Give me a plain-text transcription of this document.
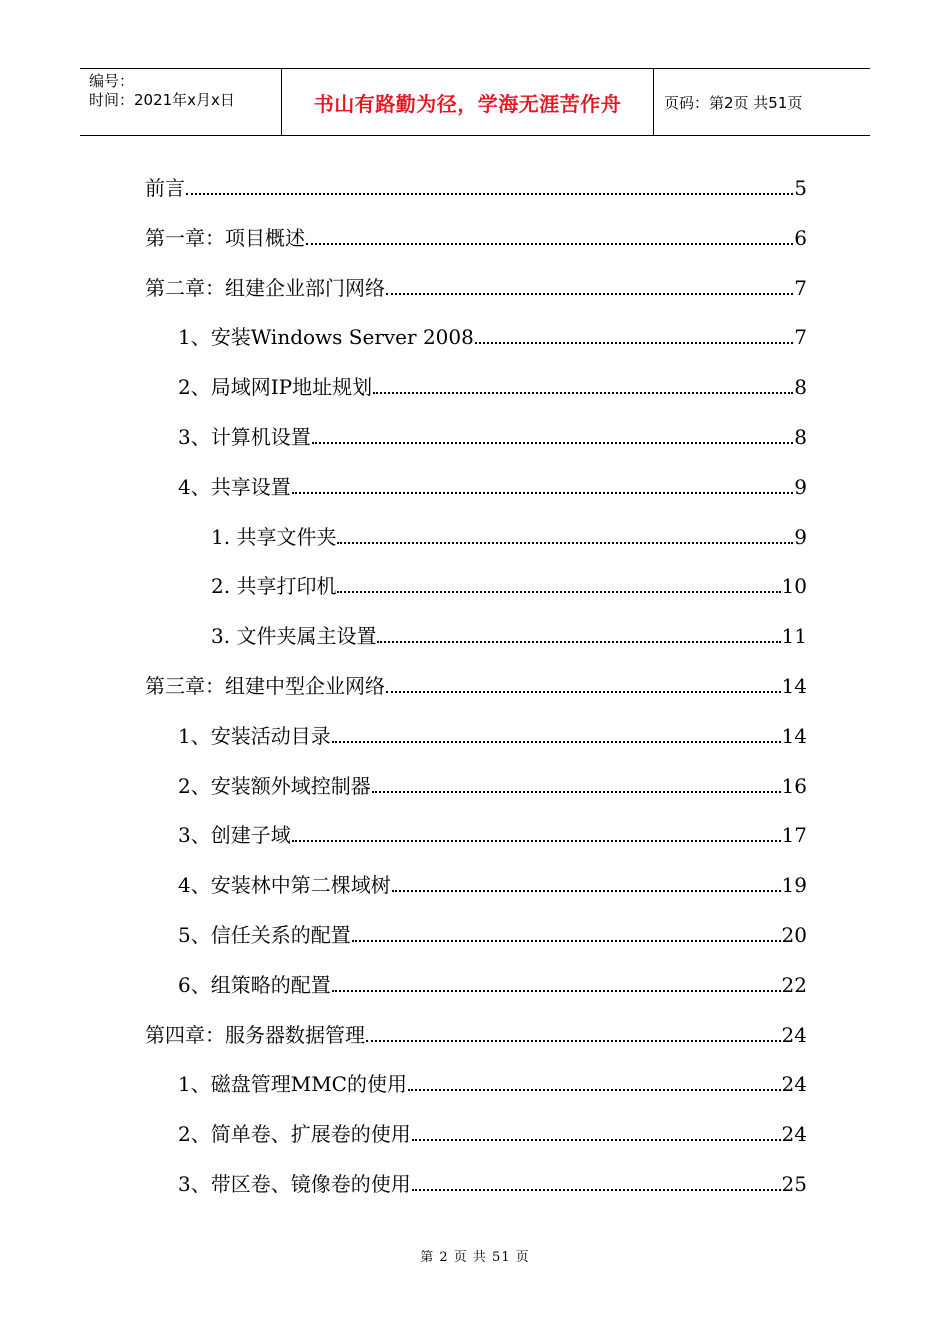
编号：
时间：2021年x月x日	书山有路勤为径，学海无涯苦作舟	页码：第2页 共51页
前言	5
第一章：项目概述	6
第二章：组建企业部门网络	7
1、安装Windows Server 2008	7
2、局域网IP地址规划	8
3、计算机设置	8
4、共享设置	9
1. 共享文件夹	9
2. 共享打印机	10
3. 文件夹属主设置	11
第三章：组建中型企业网络	14
1、安装活动目录	14
2、安装额外域控制器	16
3、创建子域	17
4、安装林中第二棵域树	19
5、信任关系的配置	20
6、组策略的配置	22
第四章：服务器数据管理	24
1、磁盘管理MMC的使用	24
2、简单卷、扩展卷的使用	24
3、带区卷、镜像卷的使用	25
第 2 页 共 51 页
